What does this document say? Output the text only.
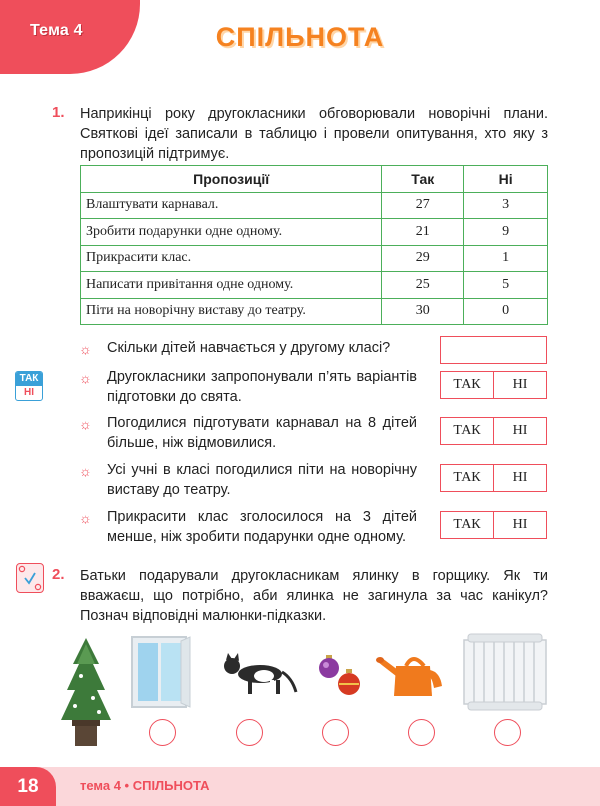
Тема 4	СПІЛЬНОТА
1. Наприкінці року другокласники обговорювали новорічні плани. Святкові ідеї записали в таблицю і провели опитування, хто яку з пропозицій підтримує.
Пропозиції	Так	Ні
Влаштувати карнавал.	27	3
Зробити подарунки одне одному.	21	9
Прикрасити клас.	29	1
Написати привітання одне одному.	25	5
Піти на новорічну виставу до театру.	30	0
ТАК
НІ
☼ Скільки дітей навчається у другому класі?
☼ Другокласники запропонували п’ять варіантів підготовки до свята.
ТАК	НІ
☼ Погодилися підготувати карнавал на 8 дітей більше, ніж відмовилися.
ТАК	НІ
☼ Усі учні в класі погодилися піти на новорічну виставу до театру.
ТАК	НІ
☼ Прикрасити клас зголосилося на 3 дітей менше, ніж зробити подарунки одне одному.
ТАК	НІ
2. Батьки подарували другокласникам ялинку в горщику. Як ти вважаєш, що потрібно, аби ялинка не загинула за час канікул? Познач відповідні малюнки-підказки.
18	тема 4 • СПІЛЬНОТА
